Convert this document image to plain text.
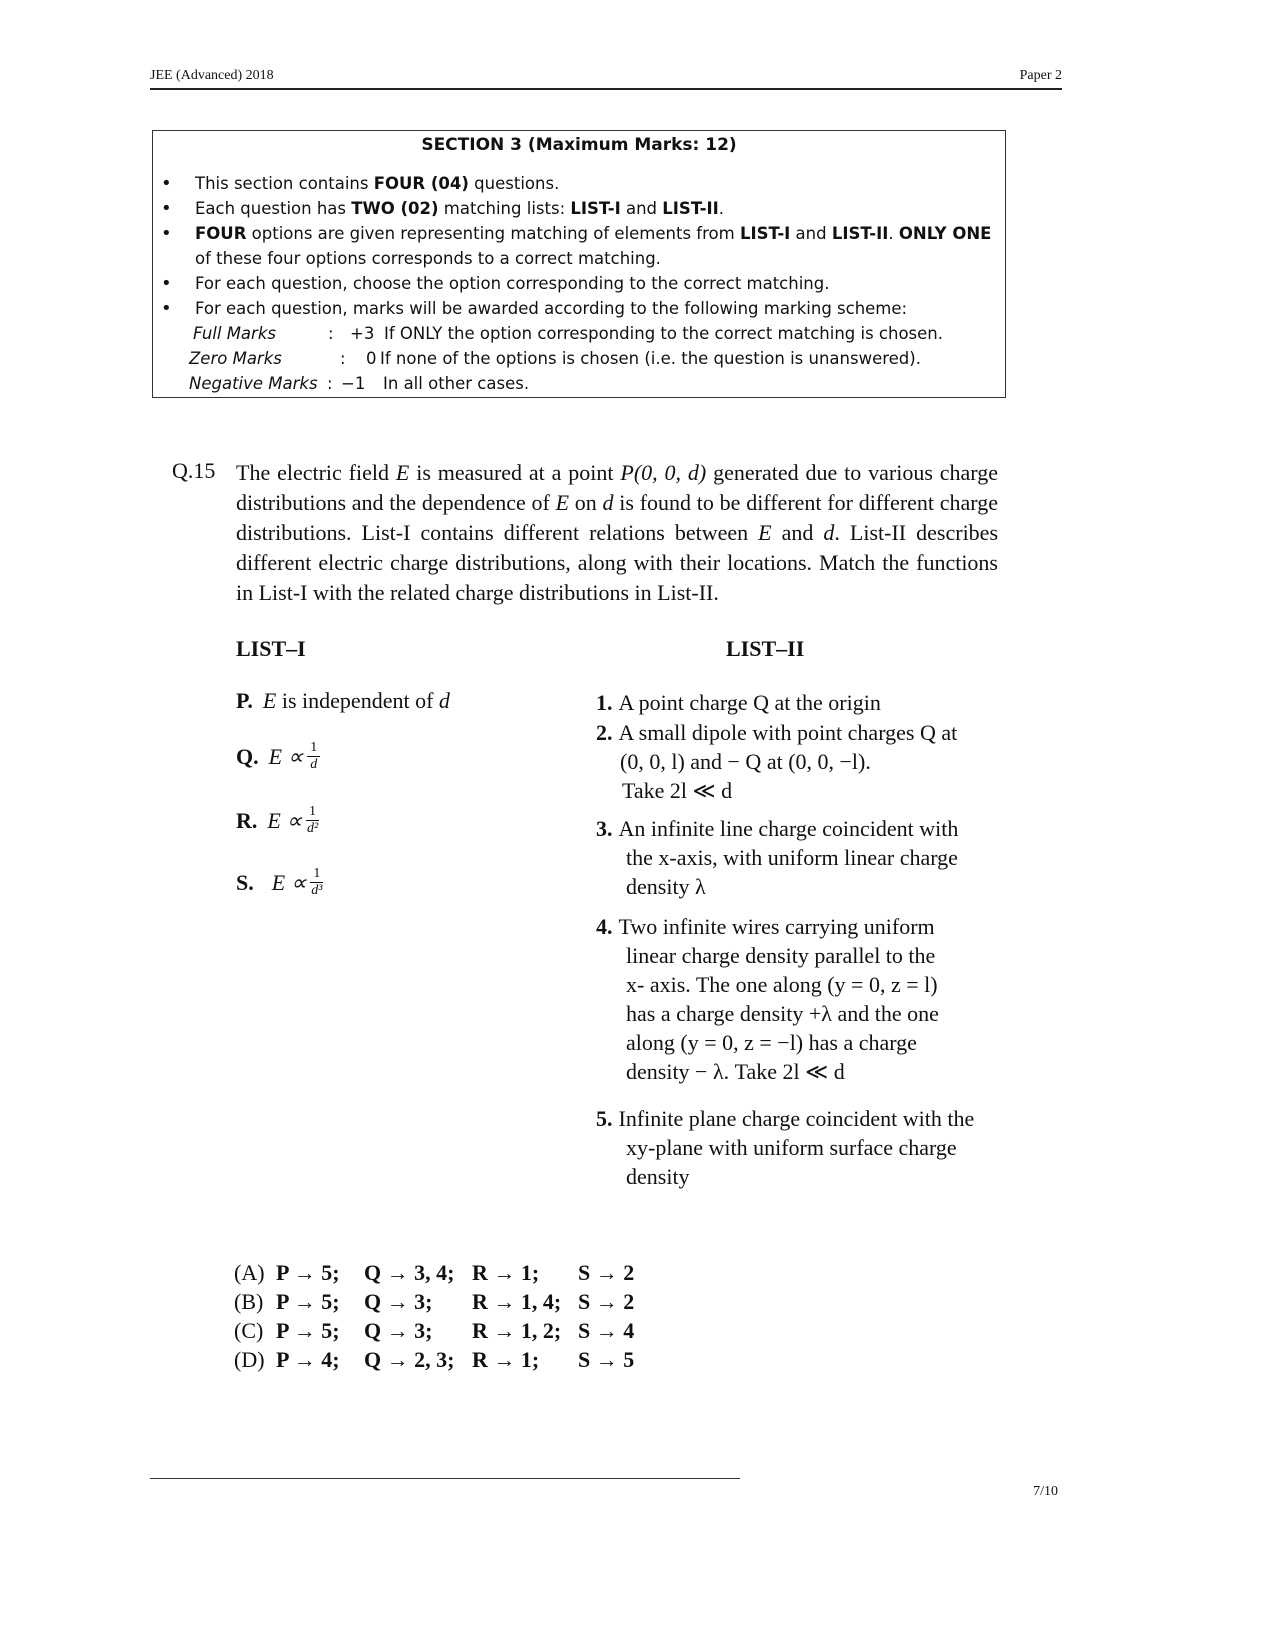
JEE (Advanced) 2018	Paper 2
SECTION 3 (Maximum Marks: 12)
• This section contains FOUR (04) questions.
• Each question has TWO (02) matching lists: LIST-I and LIST-II.
• FOUR options are given representing matching of elements from LIST-I and LIST-II. ONLY ONE of these four options corresponds to a correct matching.
• For each question, choose the option corresponding to the correct matching.
• For each question, marks will be awarded according to the following marking scheme:
Full Marks	: +3 If ONLY the option corresponding to the correct matching is chosen.
Zero Marks	:	0 If none of the options is chosen (i.e. the question is unanswered).
Negative Marks : −1	In all other cases.
Q.15 The electric field E is measured at a point P(0, 0, d) generated due to various charge distributions and the dependence of E on d is found to be different for different charge distributions. List-I contains different relations between E and d. List-II describes different electric charge distributions, along with their locations. Match the functions in List-I with the related charge distributions in List-II.
LIST–I	LIST–II
P. E is independent of d
Q. $E \propto \frac{1}{d}$
R. $E \propto \frac{1}{\text{d²}}$
S. $E \propto \frac{1}{\text{d³}}$
1. A point charge Q at the origin
2. A small dipole with point charges Q at
(0, 0, l) and − Q at (0, 0, −l).
Take 2l ≪ d
3. An infinite line charge coincident with
the x-axis, with uniform linear charge
density λ
4. Two infinite wires carrying uniform
linear charge density parallel to the
x- axis. The one along (y = 0, z = l)
has a charge density +λ and the one
along (y = 0, z = −l) has a charge
density − λ. Take 2l ≪ d
5. Infinite plane charge coincident with the
xy-plane with uniform surface charge
density
(A) P → 5;	Q → 3, 4; R → 1;	S → 2
(B) P → 5;	Q → 3;	R → 1, 4; S → 2
(C) P → 5;	Q → 3;	R → 1, 2; S → 4
(D) P → 4;	Q → 2, 3; R → 1;	S → 5
7/10
